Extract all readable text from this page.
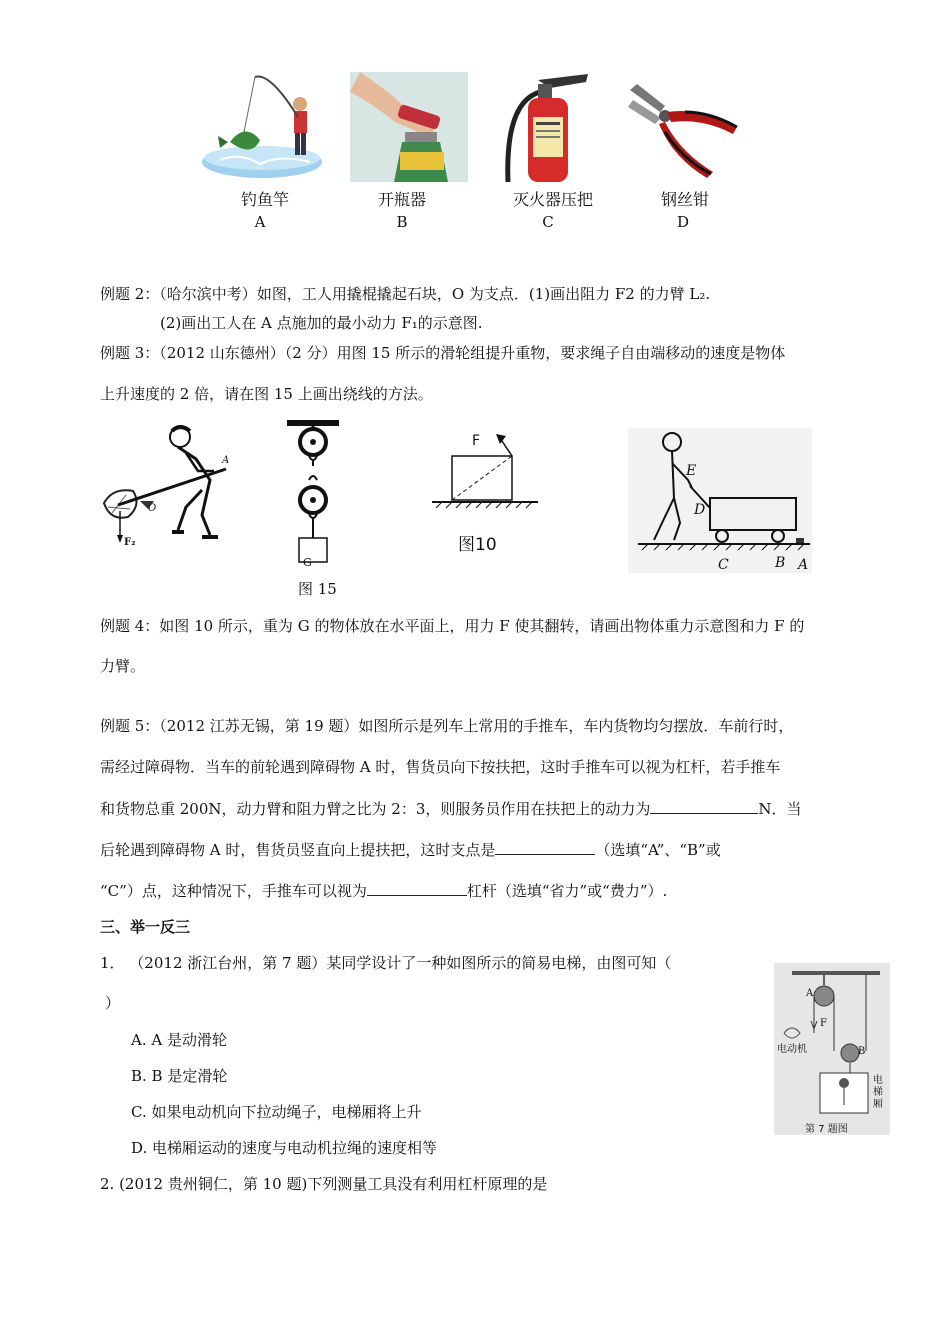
钓鱼竿	开瓶器	灭火器压把	钢丝钳
A	B	C	D
例题 2：（哈尔滨中考）如图，工人用撬棍撬起石块，O 为支点．(1)画出阻力 F2 的力臂 L₂.
(2)画出工人在 A 点施加的最小动力 F₁的示意图.
例题 3：（2012 山东德州）（2 分）用图 15 所示的滑轮组提升重物，要求绳子自由端移动的速度是物体
上升速度的 2 倍，请在图 15 上画出绕线的方法。
F₂
O
A
G
图 15
F
图10
E
D
C	B A
例题 4：如图 10 所示，重为 G 的物体放在水平面上，用力 F 使其翻转，请画出物体重力示意图和力 F 的
力臂。
例题 5：（2012 江苏无锡，第 19 题）如图所示是列车上常用的手推车，车内货物均匀摆放．车前行时，
需经过障碍物．当车的前轮遇到障碍物 A 时，售货员向下按扶把，这时手推车可以视为杠杆，若手推车
和货物总重 200N，动力臂和阻力臂之比为 2：3，则服务员作用在扶把上的动力为	N．当
后轮遇到障碍物 A 时，售货员竖直向上提扶把，这时支点是	（选填“A”、“B”或
“C”）点，这种情况下，手推车可以视为	杠杆（选填“省力”或“费力”）.
三、举一反三
1． （2012 浙江台州，第 7 题）某同学设计了一种如图所示的简易电梯，由图可知（
）
A. A 是动滑轮
B. B 是定滑轮
C. 如果电动机向下拉动绳子，电梯厢将上升
D. 电梯厢运动的速度与电动机拉绳的速度相等
A
F
B
电动机
电梯厢
第 7 题图
2. (2012 贵州铜仁，第 10 题)下列测量工具没有利用杠杆原理的是
